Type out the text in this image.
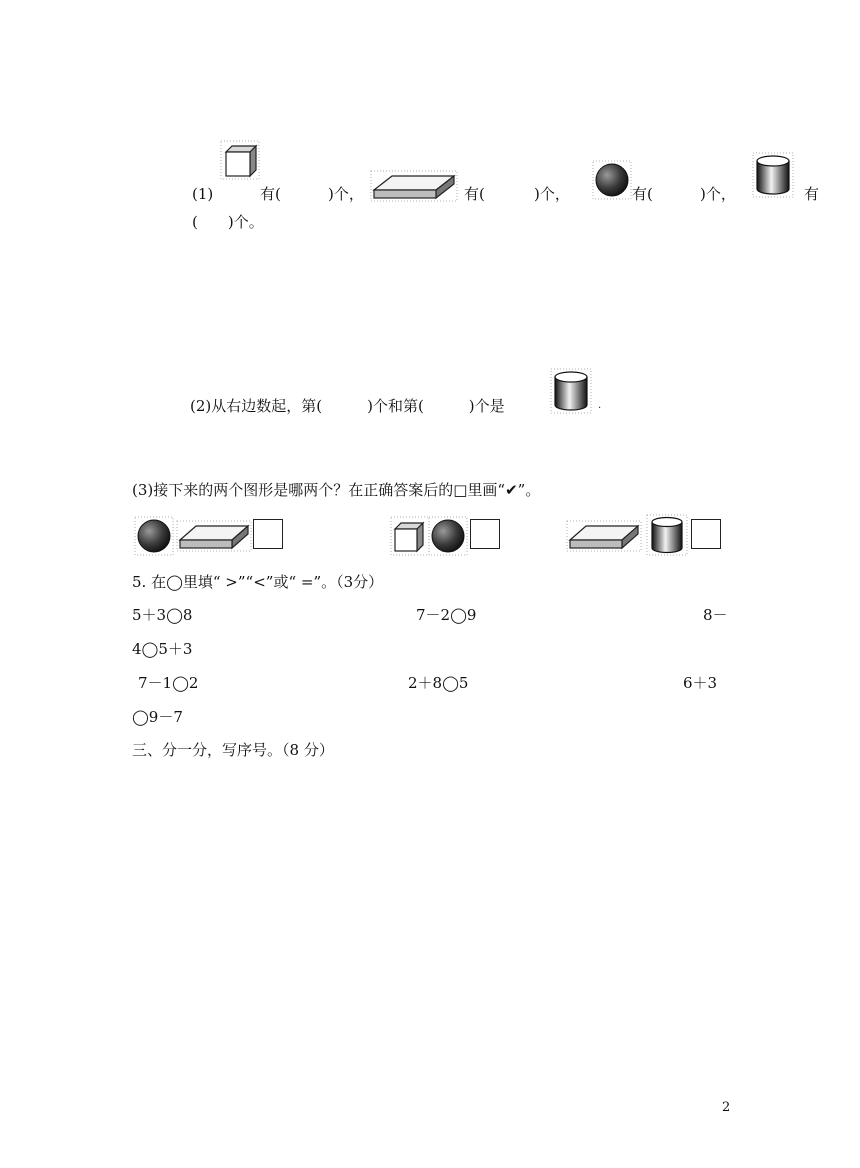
(1)	有(	)个，	有(	)个，	有(	)个，	有
(　　)个。
(2)从右边数起，第(　　　)个和第(　　　)个是	.
(3)接下来的两个图形是哪两个？在正确答案后的□里画“✔”。
5. 在◯里填“ >”“<”或“ =”。（3分）
5＋3◯8	7－2◯9	8－
4◯5＋3
7－1◯2	2＋8◯5	6＋3
◯9－7
三、分一分，写序号。（8 分）
2
